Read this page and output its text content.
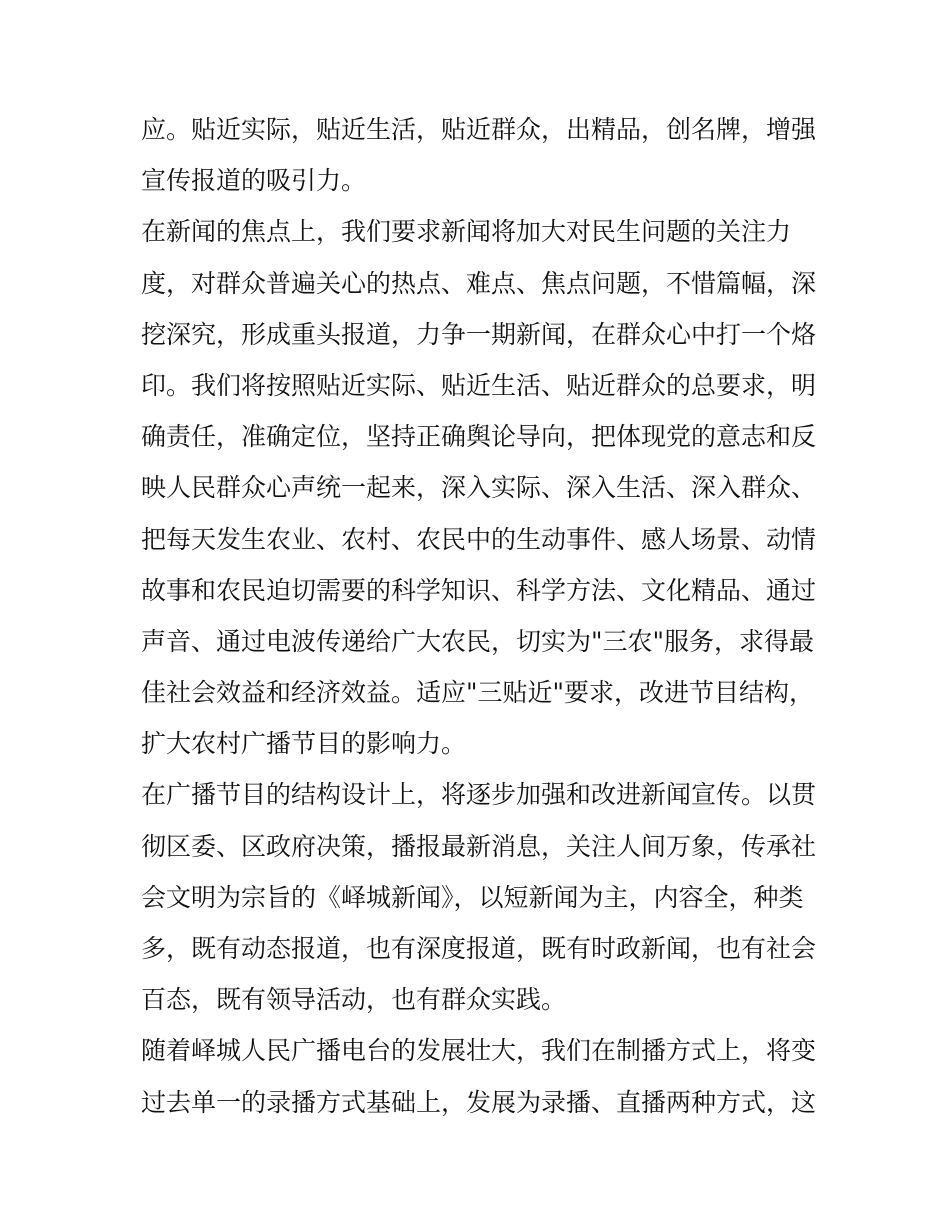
应。贴近实际，贴近生活，贴近群众，出精品，创名牌，增强
宣传报道的吸引力。
在新闻的焦点上，我们要求新闻将加大对民生问题的关注力
度，对群众普遍关心的热点、难点、焦点问题，不惜篇幅，深
挖深究，形成重头报道，力争一期新闻，在群众心中打一个烙
印。我们将按照贴近实际、贴近生活、贴近群众的总要求，明
确责任，准确定位，坚持正确舆论导向，把体现党的意志和反
映人民群众心声统一起来，深入实际、深入生活、深入群众、
把每天发生农业、农村、农民中的生动事件、感人场景、动情
故事和农民迫切需要的科学知识、科学方法、文化精品、通过
声音、通过电波传递给广大农民，切实为"三农"服务，求得最
佳社会效益和经济效益。适应"三贴近"要求，改进节目结构，
扩大农村广播节目的影响力。
在广播节目的结构设计上，将逐步加强和改进新闻宣传。以贯
彻区委、区政府决策，播报最新消息，关注人间万象，传承社
会文明为宗旨的《峄城新闻》，以短新闻为主，内容全，种类
多，既有动态报道，也有深度报道，既有时政新闻，也有社会
百态，既有领导活动，也有群众实践。
随着峄城人民广播电台的发展壮大，我们在制播方式上，将变
过去单一的录播方式基础上，发展为录播、直播两种方式，这
